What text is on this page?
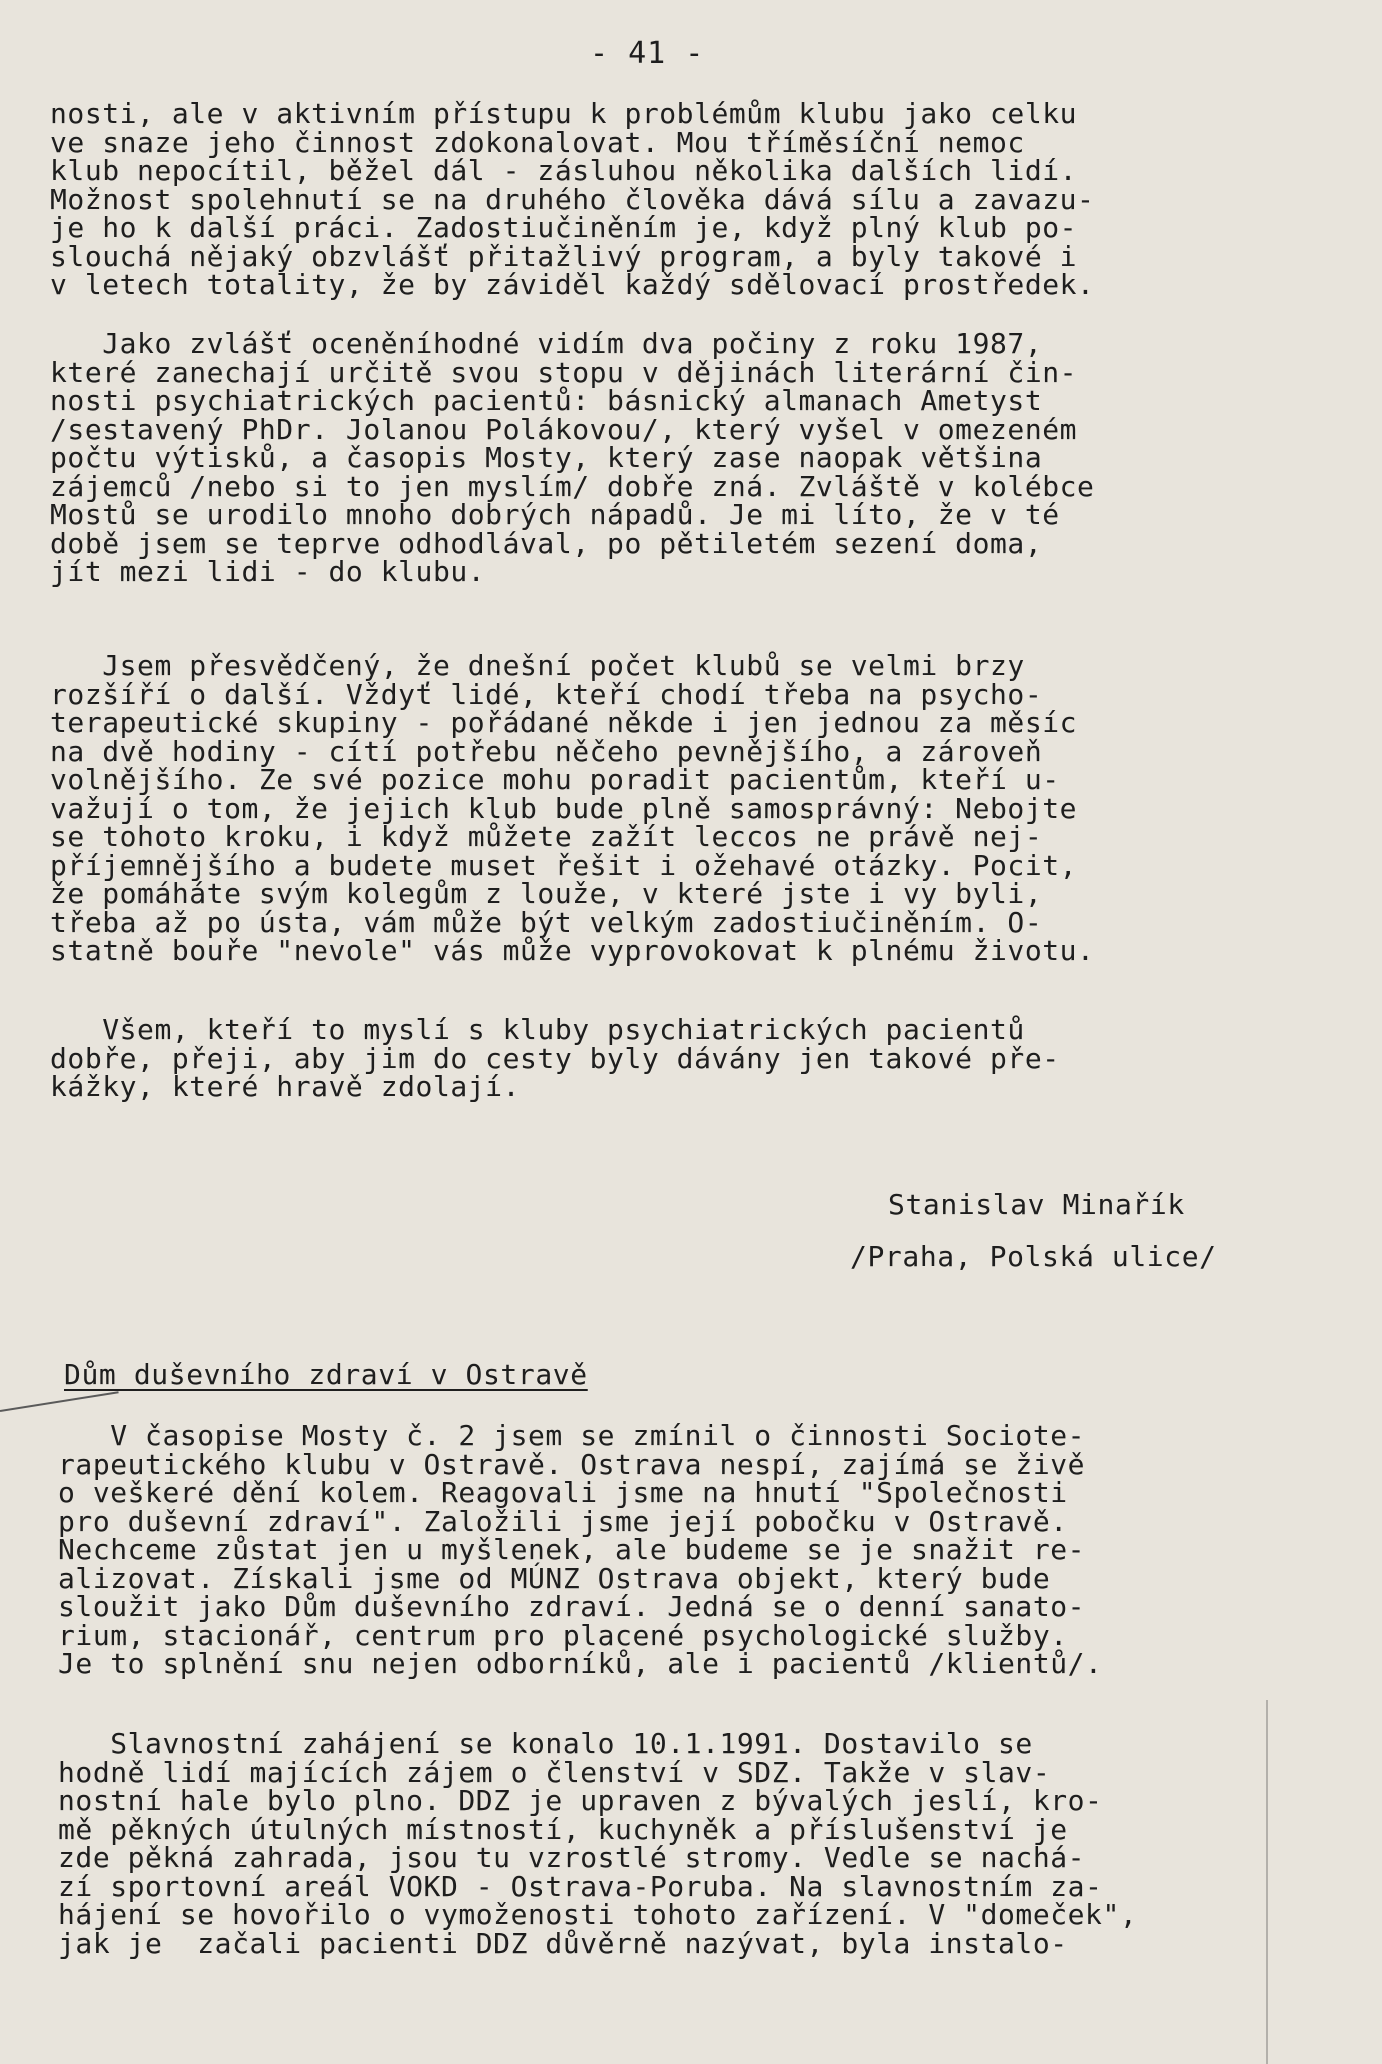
- 41 -
nosti, ale v aktivním přístupu k problémům klubu jako celku
ve snaze jeho činnost zdokonalovat. Mou tříměsíční nemoc
klub nepocítil, běžel dál - zásluhou několika dalších lidí.
Možnost spolehnutí se na druhého člověka dává sílu a zavazu-
je ho k další práci. Zadostiučiněním je, když plný klub po-
slouchá nějaký obzvlášť přitažlivý program, a byly takové i
v letech totality, že by záviděl každý sdělovací prostředek.
Jako zvlášť oceněníhodné vidím dva počiny z roku 1987,
které zanechají určitě svou stopu v dějinách literární čin-
nosti psychiatrických pacientů: básnický almanach Ametyst
/sestavený PhDr. Jolanou Polákovou/, který vyšel v omezeném
počtu výtisků, a časopis Mosty, který zase naopak většina
zájemců /nebo si to jen myslím/ dobře zná. Zvláště v kolébce
Mostů se urodilo mnoho dobrých nápadů. Je mi líto, že v té
době jsem se teprve odhodlával, po pětiletém sezení doma,
jít mezi lidi - do klubu.
Jsem přesvědčený, že dnešní počet klubů se velmi brzy
rozšíří o další. Vždyť lidé, kteří chodí třeba na psycho-
terapeutické skupiny - pořádané někde i jen jednou za měsíc
na dvě hodiny - cítí potřebu něčeho pevnějšího, a zároveň
volnějšího. Ze své pozice mohu poradit pacientům, kteří u-
važují o tom, že jejich klub bude plně samosprávný: Nebojte
se tohoto kroku, i když můžete zažít leccos ne právě nej-
příjemnějšího a budete muset řešit i ožehavé otázky. Pocit,
že pomáháte svým kolegům z louže, v které jste i vy byli,
třeba až po ústa, vám může být velkým zadostiučiněním. O-
statně bouře "nevole" vás může vyprovokovat k plnému životu.
Všem, kteří to myslí s kluby psychiatrických pacientů
dobře, přeji, aby jim do cesty byly dávány jen takové pře-
kážky, které hravě zdolají.
Stanislav Minařík
/Praha, Polská ulice/
Dům duševního zdraví v Ostravě
V časopise Mosty č. 2 jsem se zmínil o činnosti Sociote-
rapeutického klubu v Ostravě. Ostrava nespí, zajímá se živě
o veškeré dění kolem. Reagovali jsme na hnutí "Společnosti
pro duševní zdraví". Založili jsme její pobočku v Ostravě.
Nechceme zůstat jen u myšlenek, ale budeme se je snažit re-
alizovat. Získali jsme od MÚNZ Ostrava objekt, který bude
sloužit jako Dům duševního zdraví. Jedná se o denní sanato-
rium, stacionář, centrum pro placené psychologické služby.
Je to splnění snu nejen odborníků, ale i pacientů /klientů/.
Slavnostní zahájení se konalo 10.1.1991. Dostavilo se
hodně lidí majících zájem o členství v SDZ. Takže v slav-
nostní hale bylo plno. DDZ je upraven z bývalých jeslí, kro-
mě pěkných útulných místností, kuchyněk a příslušenství je
zde pěkná zahrada, jsou tu vzrostlé stromy. Vedle se nachá-
zí sportovní areál VOKD - Ostrava-Poruba. Na slavnostním za-
hájení se hovořilo o vymoženosti tohoto zařízení. V "domeček",
jak je  začali pacienti DDZ důvěrně nazývat, byla instalo-
